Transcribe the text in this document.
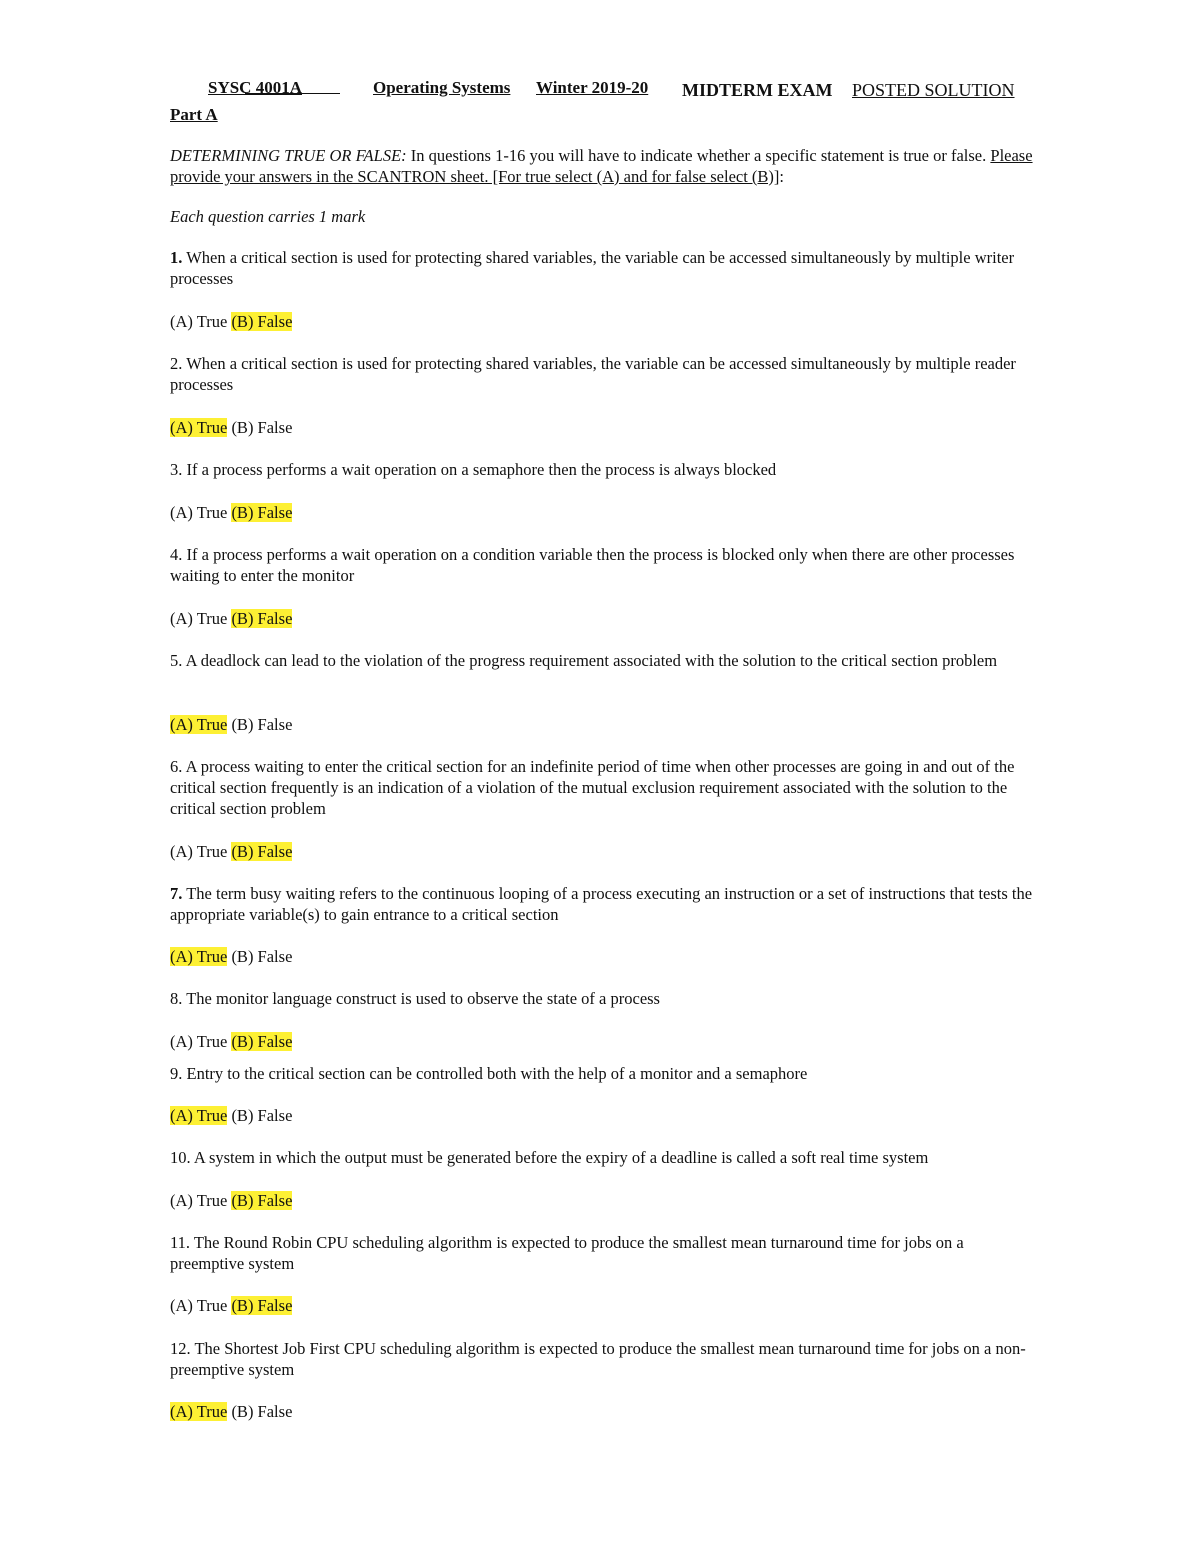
SYSC 4001A	Operating Systems Winter 2019-20 MIDTERM EXAM POSTED SOLUTION
Part A

DETERMINING TRUE OR FALSE: In questions 1-16 you will have to indicate whether a specific statement is true or false. Please provide your answers in the SCANTRON sheet. [For true select (A) and for false select (B)]:

Each question carries 1 mark

1. When a critical section is used for protecting shared variables, the variable can be accessed simultaneously by multiple writer processes

(A) True (B) False

2. When a critical section is used for protecting shared variables, the variable can be accessed simultaneously by multiple reader processes

(A) True (B) False

3. If a process performs a wait operation on a semaphore then the process is always blocked

(A) True (B) False

4. If a process performs a wait operation on a condition variable then the process is blocked only when there are other processes waiting to enter the monitor

(A) True (B) False

5. A deadlock can lead to the violation of the progress requirement associated with the solution to the critical section problem

(A) True (B) False

6. A process waiting to enter the critical section for an indefinite period of time when other processes are going in and out of the critical section frequently is an indication of a violation of the mutual exclusion requirement associated with the solution to the critical section problem

(A) True (B) False

7. The term busy waiting refers to the continuous looping of a process executing an instruction or a set of instructions that tests the appropriate variable(s) to gain entrance to a critical section

(A) True (B) False

8. The monitor language construct is used to observe the state of a process

(A) True (B) False

9. Entry to the critical section can be controlled both with the help of a monitor and a semaphore

(A) True (B) False

10. A system in which the output must be generated before the expiry of a deadline is called a soft real time system

(A) True (B) False

11. The Round Robin CPU scheduling algorithm is expected to produce the smallest mean turnaround time for jobs on a preemptive system

(A) True (B) False

12. The Shortest Job First CPU scheduling algorithm is expected to produce the smallest mean turnaround time for jobs on a non-preemptive system

(A) True (B) False
